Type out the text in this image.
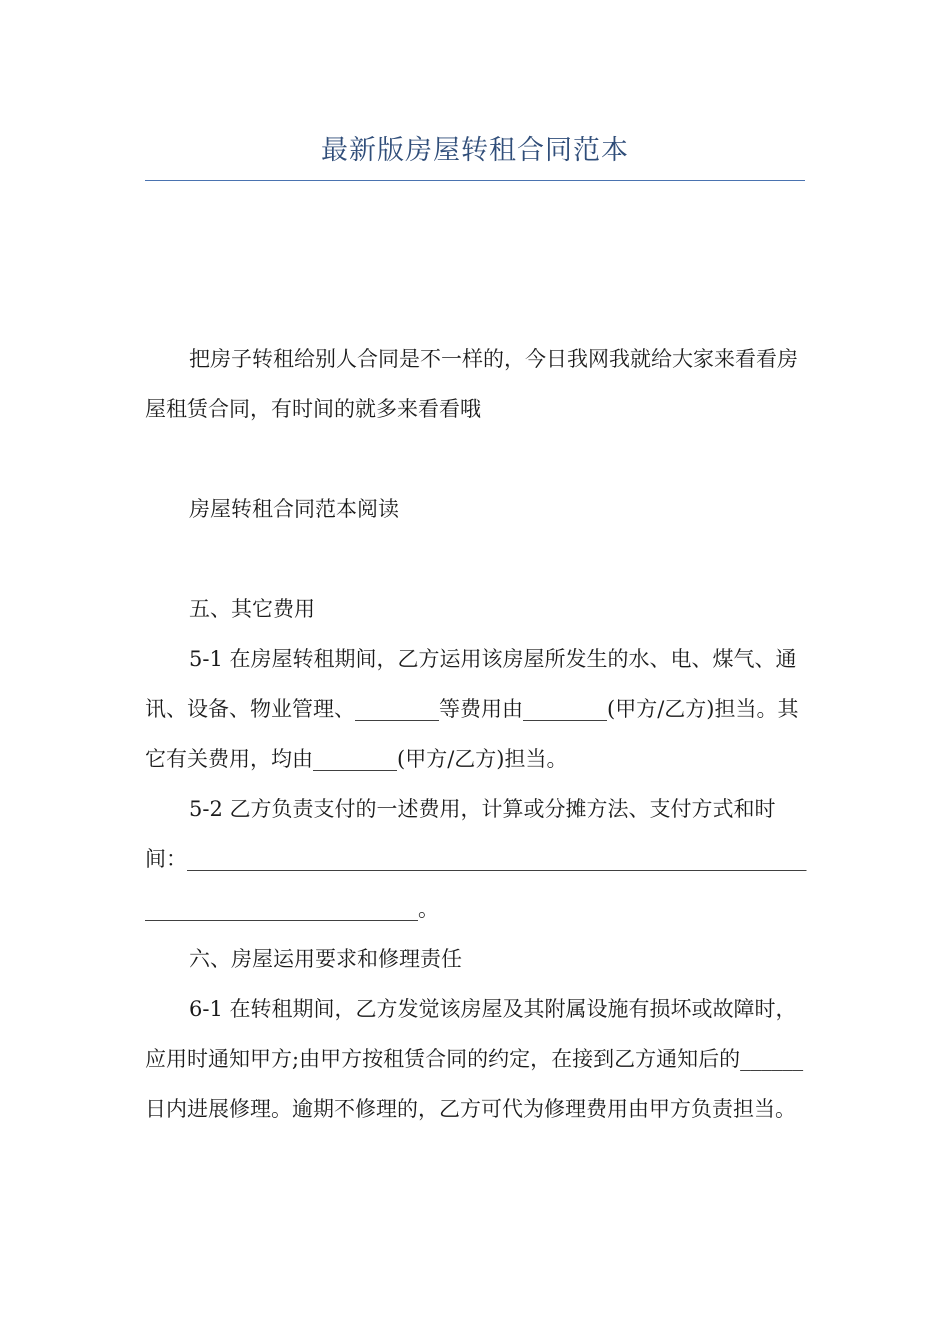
最新版房屋转租合同范本

把房子转租给别人合同是不一样的，今日我网我就给大家来看看房屋租赁合同，有时间的就多来看看哦

房屋转租合同范本阅读

五、其它费用

5-1 在房屋转租期间，乙方运用该房屋所发生的水、电、煤气、通讯、设备、物业管理、________等费用由________(甲方/乙方)担当。其它有关费用，均由________(甲方/乙方)担当。

5-2 乙方负责支付的一述费用，计算或分摊方法、支付方式和时间：_____________________________________________________________________________________。

六、房屋运用要求和修理责任

6-1 在转租期间，乙方发觉该房屋及其附属设施有损坏或故障时，应用时通知甲方;由甲方按租赁合同的约定，在接到乙方通知后的______日内进展修理。逾期不修理的，乙方可代为修理费用由甲方负责担当。
